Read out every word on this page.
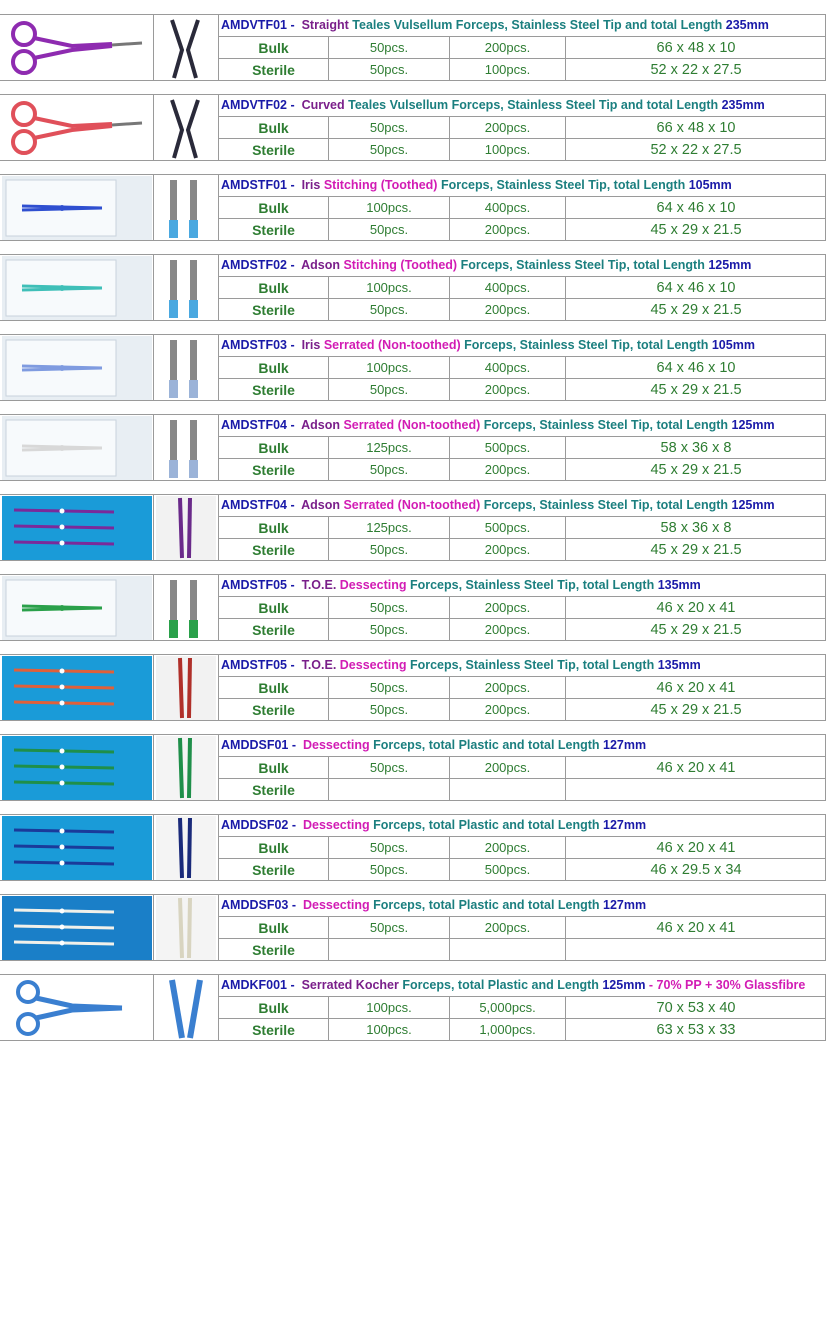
AMDVTF01 -  Straight Teales Vulsellum Forceps, Stainless Steel Tip and total Length 235mm
Bulk	50pcs.	200pcs.	66 x 48 x 10
Sterile	50pcs.	100pcs.	52 x 22 x 27.5
AMDVTF02 -  Curved Teales Vulsellum Forceps, Stainless Steel Tip and total Length 235mm
Bulk	50pcs.	200pcs.	66 x 48 x 10
Sterile	50pcs.	100pcs.	52 x 22 x 27.5
AMDSTF01 -  Iris Stitching (Toothed) Forceps, Stainless Steel Tip, total Length 105mm
Bulk	100pcs.	400pcs.	64 x 46 x 10
Sterile	50pcs.	200pcs.	45 x 29 x 21.5
AMDSTF02 -  Adson Stitching (Toothed) Forceps, Stainless Steel Tip, total Length 125mm
Bulk	100pcs.	400pcs.	64 x 46 x 10
Sterile	50pcs.	200pcs.	45 x 29 x 21.5
AMDSTF03 -  Iris Serrated (Non-toothed) Forceps, Stainless Steel Tip, total Length 105mm
Bulk	100pcs.	400pcs.	64 x 46 x 10
Sterile	50pcs.	200pcs.	45 x 29 x 21.5
AMDSTF04 -  Adson Serrated (Non-toothed) Forceps, Stainless Steel Tip, total Length 125mm
Bulk	125pcs.	500pcs.	58 x 36 x 8
Sterile	50pcs.	200pcs.	45 x 29 x 21.5
AMDSTF04 -  Adson Serrated (Non-toothed) Forceps, Stainless Steel Tip, total Length 125mm
Bulk	125pcs.	500pcs.	58 x 36 x 8
Sterile	50pcs.	200pcs.	45 x 29 x 21.5
AMDSTF05 -  T.O.E. Dessecting Forceps, Stainless Steel Tip, total Length 135mm
Bulk	50pcs.	200pcs.	46 x 20 x 41
Sterile	50pcs.	200pcs.	45 x 29 x 21.5
AMDSTF05 -  T.O.E. Dessecting Forceps, Stainless Steel Tip, total Length 135mm
Bulk	50pcs.	200pcs.	46 x 20 x 41
Sterile	50pcs.	200pcs.	45 x 29 x 21.5
AMDDSF01 -  Dessecting Forceps, total Plastic and total Length 127mm
Bulk	50pcs.	200pcs.	46 x 20 x 41
Sterile
AMDDSF02 -  Dessecting Forceps, total Plastic and total Length 127mm
Bulk	50pcs.	200pcs.	46 x 20 x 41
Sterile	50pcs.	500pcs.	46 x 29.5 x 34
AMDDSF03 -  Dessecting Forceps, total Plastic and total Length 127mm
Bulk	50pcs.	200pcs.	46 x 20 x 41
Sterile
AMDKF001 -  Serrated Kocher Forceps, total Plastic and Length 125mm - 70% PP + 30% Glassfibre
Bulk	100pcs.	5,000pcs.	70 x 53 x 40
Sterile	100pcs.	1,000pcs.	63 x 53 x 33
